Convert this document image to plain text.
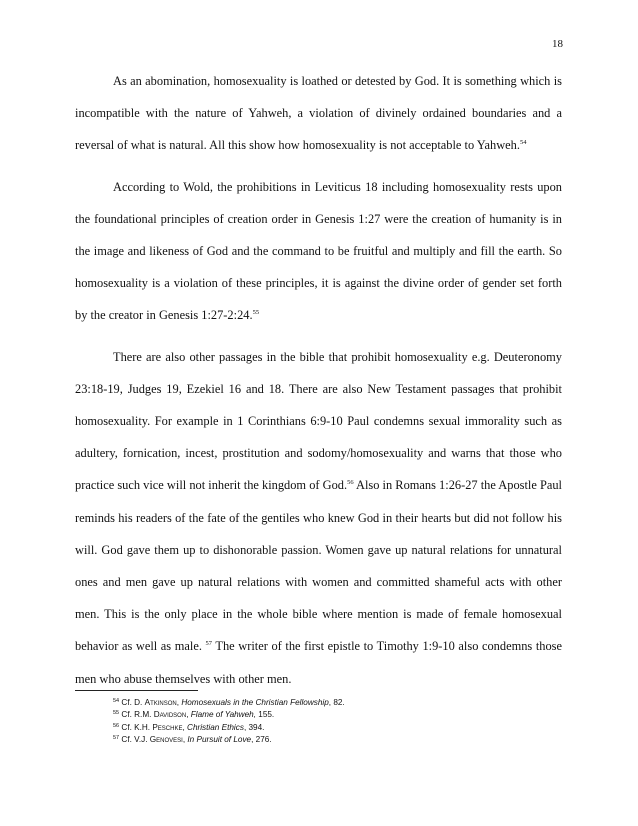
18

As an abomination, homosexuality is loathed or detested by God. It is something which is incompatible with the nature of Yahweh, a violation of divinely ordained boundaries and a reversal of what is natural. All this show how homosexuality is not acceptable to Yahweh.$^{54}$

According to Wold, the prohibitions in Leviticus 18 including homosexuality rests upon the foundational principles of creation order in Genesis 1:27 were the creation of humanity is in the image and likeness of God and the command to be fruitful and multiply and fill the earth. So homosexuality is a violation of these principles, it is against the divine order of gender set forth by the creator in Genesis 1:27-2:24.55

There are also other passages in the bible that prohibit homosexuality e.g. Deuteronomy 23:18-19, Judges 19, Ezekiel 16 and 18. There are also New Testament passages that prohibit homosexuality. For example in 1 Corinthians 6:9-10 Paul condemns sexual immorality such as adultery, fornication, incest, prostitution and sodomy/homosexuality and warns that those who practice such vice will not inherit the kingdom of God.$^{56}$ Also in Romans 1:26-27 the Apostle Paul reminds his readers of the fate of the gentiles who knew God in their hearts but did not follow his will. God gave them up to dishonorable passion. Women gave up natural relations for unnatural ones and men gave up natural relations with women and committed shameful acts with other men. This is the only place in the whole bible where mention is made of female homosexual behavior as well as male. $^{57}$ The writer of the first epistle to Timothy 1:9-10 also condemns those men who abuse themselves with other men.

$^{54}$ Cf. D. Atkinson, Homosexuals in the Christian Fellowship, 82.

$^{55}$ Cf. R.M. Davidson, Flame of Yahweh, 155.

$^{56}$ Cf. K.H. Peschke, Christian Ethics, 394.

$^{57}$ Cf. V.J. Genovesi, In Pursuit of Love, 276.
